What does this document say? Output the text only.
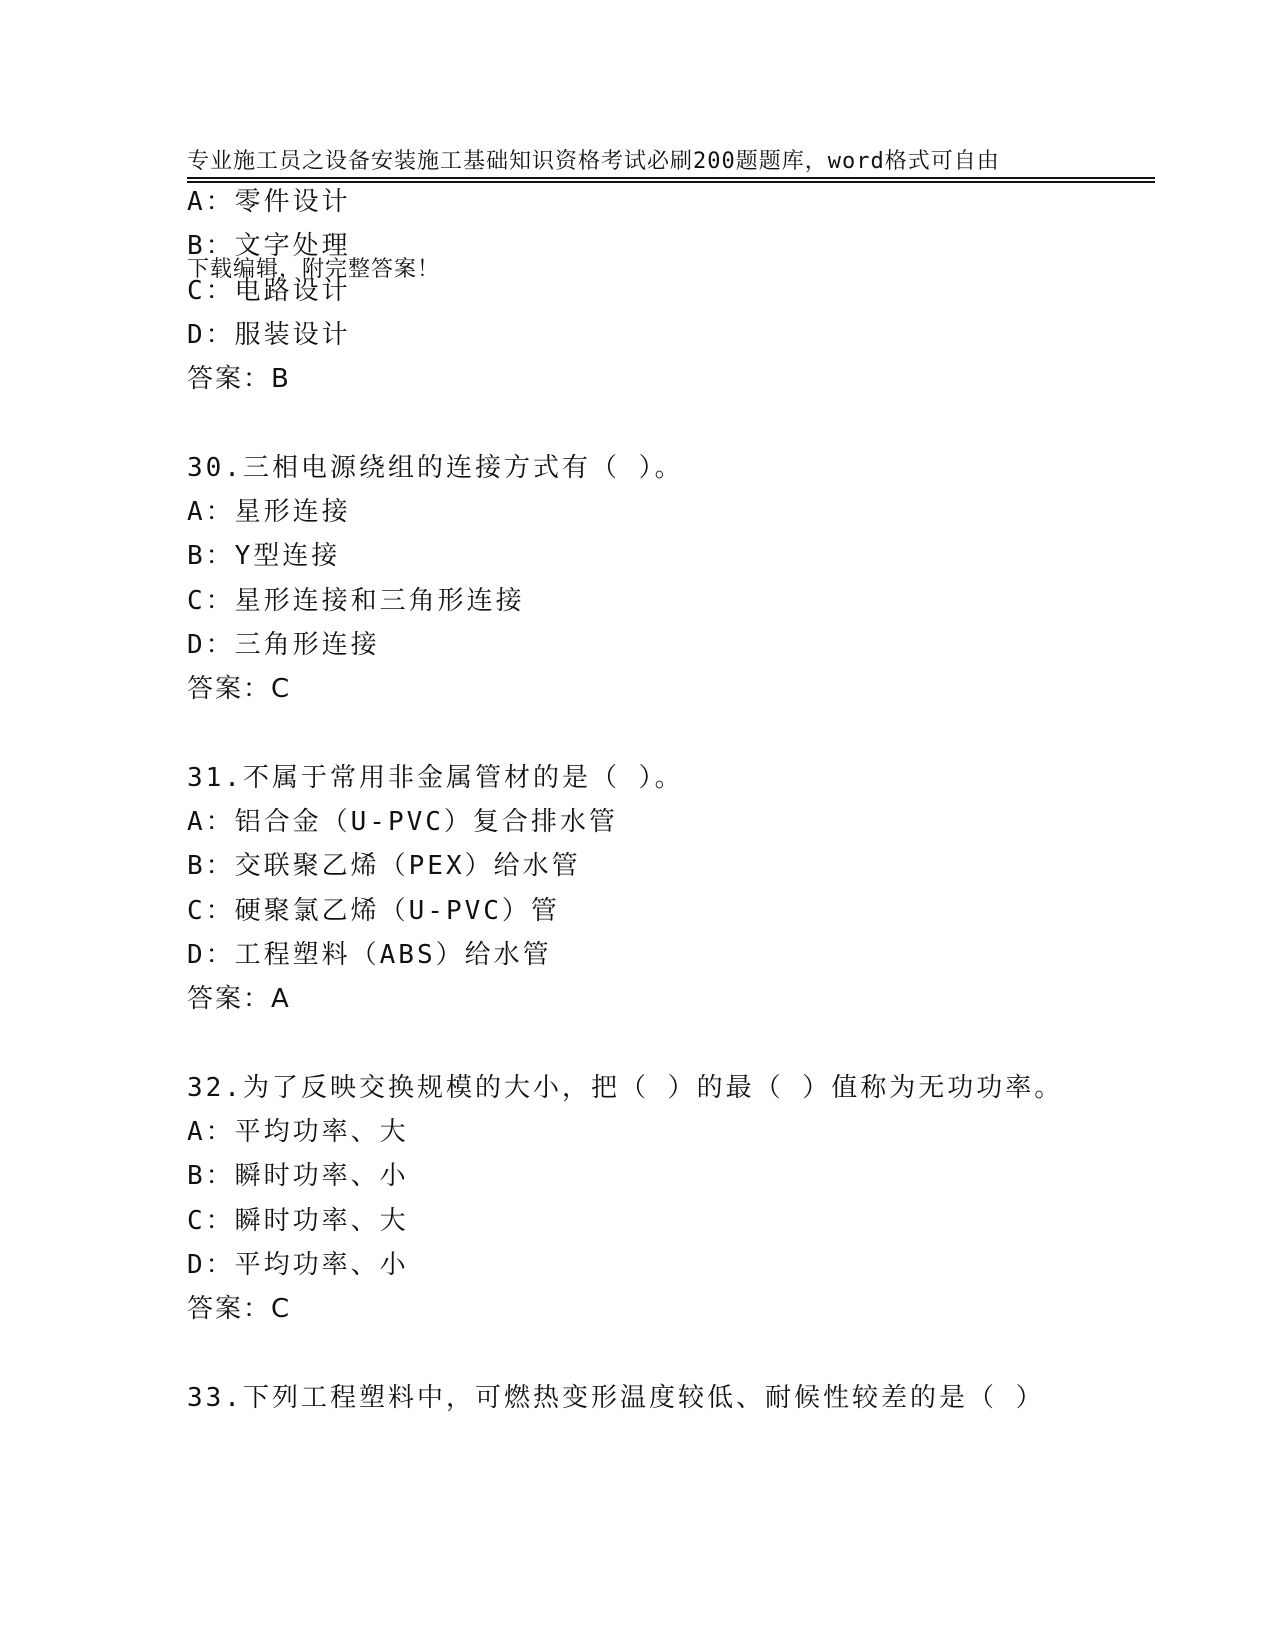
专业施工员之设备安装施工基础知识资格考试必刷200题题库，word格式可自由

下载编辑，附完整答案！

A：零件设计
B：文字处理
C：电路设计
D：服装设计
答案：B
30.三相电源绕组的连接方式有（ ）。
A：星形连接
B：Y型连接
C：星形连接和三角形连接
D：三角形连接
答案：C
31.不属于常用非金属管材的是（ ）。
A：铝合金（U-PVC）复合排水管
B：交联聚乙烯（PEX）给水管
C：硬聚氯乙烯（U-PVC）管
D：工程塑料（ABS）给水管
答案：A
32.为了反映交换规模的大小，把（ ）的最（ ）值称为无功功率。
A：平均功率、大
B：瞬时功率、小
C：瞬时功率、大
D：平均功率、小
答案：C
33.下列工程塑料中，可燃热变形温度较低、耐候性较差的是（ ）
